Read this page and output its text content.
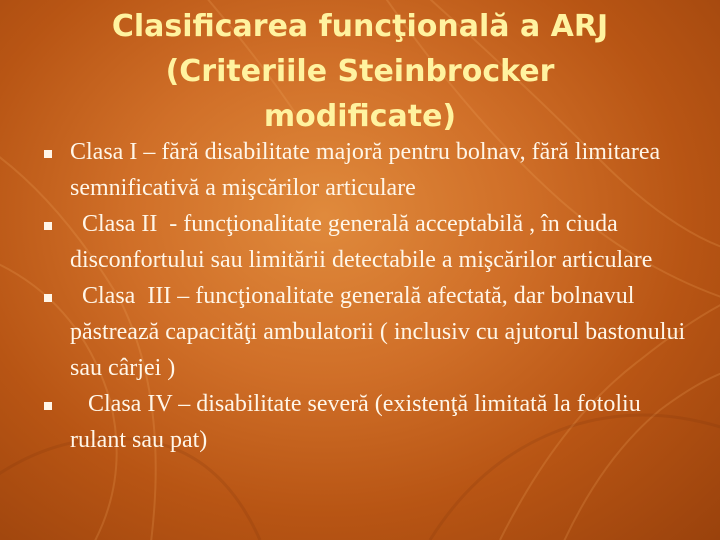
Clasificarea funcţională a ARJ
(Criteriile Steinbrocker
modificate)
Clasa I – fără disabilitate majoră pentru bolnav, fără limitarea semnificativă a mişcărilor articulare
Clasa II  - funcţionalitate generală acceptabilă , în ciuda disconfortului sau limitării detectabile a mişcărilor articulare
Clasa  III – funcţionalitate generală afectată, dar bolnavul păstrează capacităţi ambulatorii ( inclusiv cu ajutorul bastonului sau cârjei )
Clasa IV – disabilitate severă (existenţă limitată la fotoliu rulant sau pat)
